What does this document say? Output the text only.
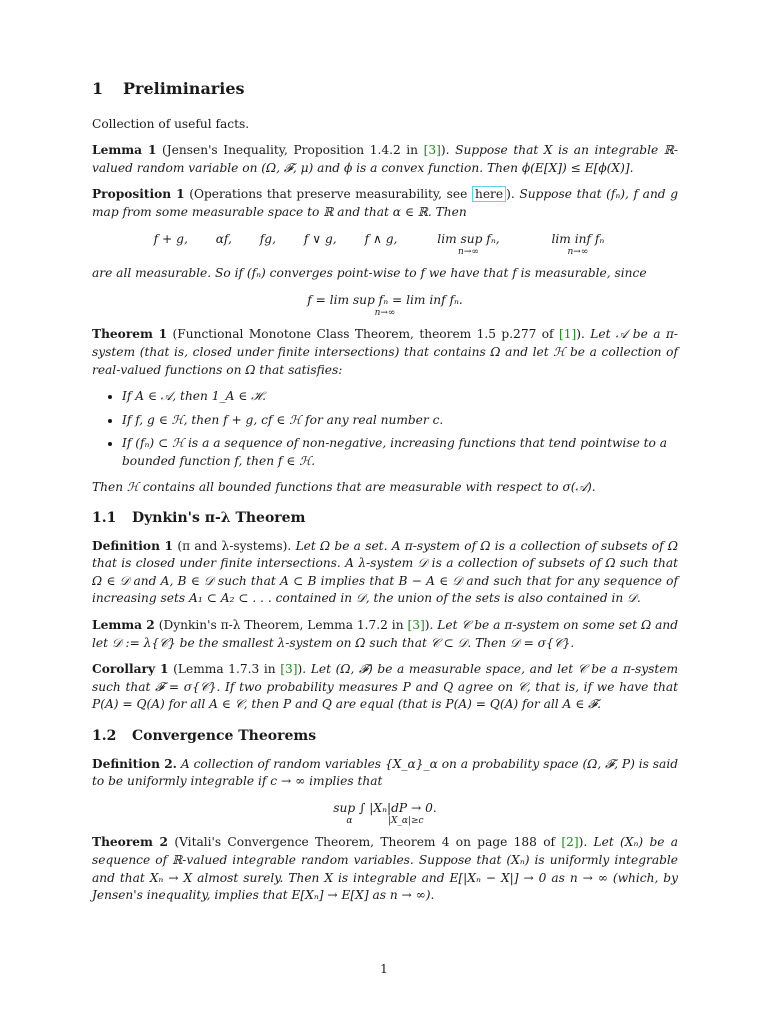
1 Preliminaries

Collection of useful facts.

Lemma 1 (Jensen's Inequality, Proposition 1.4.2 in [3]). Suppose that X is an integrable ℝ-valued random variable on (Ω, 𝓕, μ) and ϕ is a convex function. Then ϕ(E[X]) ≤ E[ϕ(X)].

Proposition 1 (Operations that preserve measurability, see here ). Suppose that (fₙ), f and g map from some measurable space to ℝ and that α ∈ ℝ. Then

f + g, αf, fg, f ∨ g, f ∧ g,	lim sup fₙ,
n→∞
lim inf fₙ
n→∞

are all measurable. So if (fₙ) converges point-wise to f we have that f is measurable, since

f = lim sup fₙ = lim inf fₙ.
n→∞

Theorem 1 (Functional Monotone Class Theorem, theorem 1.5 p.277 of [1]). Let 𝒜 be a π-system (that is, closed under finite intersections) that contains Ω and let ℋ be a collection of real-valued functions on Ω that satisfies:

• If A ∈ 𝒜, then 1_A ∈ ℋ.
• If f, g ∈ ℋ, then f + g, cf ∈ ℋ for any real number c.
• If (fₙ) ⊂ ℋ is a a sequence of non-negative, increasing functions that tend pointwise to a bounded function f, then f ∈ ℋ.

Then ℋ contains all bounded functions that are measurable with respect to σ(𝒜).

1.1 Dynkin's π-λ Theorem

Definition 1 (π and λ-systems). Let Ω be a set. A π-system of Ω is a collection of subsets of Ω that is closed under finite intersections. A λ-system 𝒟 is a collection of subsets of Ω such that Ω ∈ 𝒟 and A, B ∈ 𝒟 such that A ⊂ B implies that B − A ∈ 𝒟 and such that for any sequence of increasing sets A₁ ⊂ A₂ ⊂ . . . contained in 𝒟, the union of the sets is also contained in 𝒟.

Lemma 2 (Dynkin's π-λ Theorem, Lemma 1.7.2 in [3]). Let 𝒞 be a π-system on some set Ω and let 𝒟 := λ{𝒞} be the smallest λ-system on Ω such that 𝒞 ⊂ 𝒟. Then 𝒟 = σ{𝒞}.

Corollary 1 (Lemma 1.7.3 in [3]). Let (Ω, 𝓕) be a measurable space, and let 𝒞 be a π-system such that 𝓕 = σ{𝒞}. If two probability measures P and Q agree on 𝒞, that is, if we have that P(A) = Q(A) for all A ∈ 𝒞, then P and Q are equal (that is P(A) = Q(A) for all A ∈ 𝓕.

1.2 Convergence Theorems

Definition 2. A collection of random variables {X_α}_α on a probability space (Ω, 𝓕, P) is said to be uniformly integrable if c → ∞ implies that

sup ∫ |Xₙ|dP → 0.
α	|X_α|≥c

Theorem 2 (Vitali's Convergence Theorem, Theorem 4 on page 188 of [2]). Let (Xₙ) be a sequence of ℝ-valued integrable random variables. Suppose that (Xₙ) is uniformly integrable and that Xₙ → X almost surely. Then X is integrable and E[|Xₙ − X|] → 0 as n → ∞ (which, by Jensen's inequality, implies that E[Xₙ] → E[X] as n → ∞).

1
